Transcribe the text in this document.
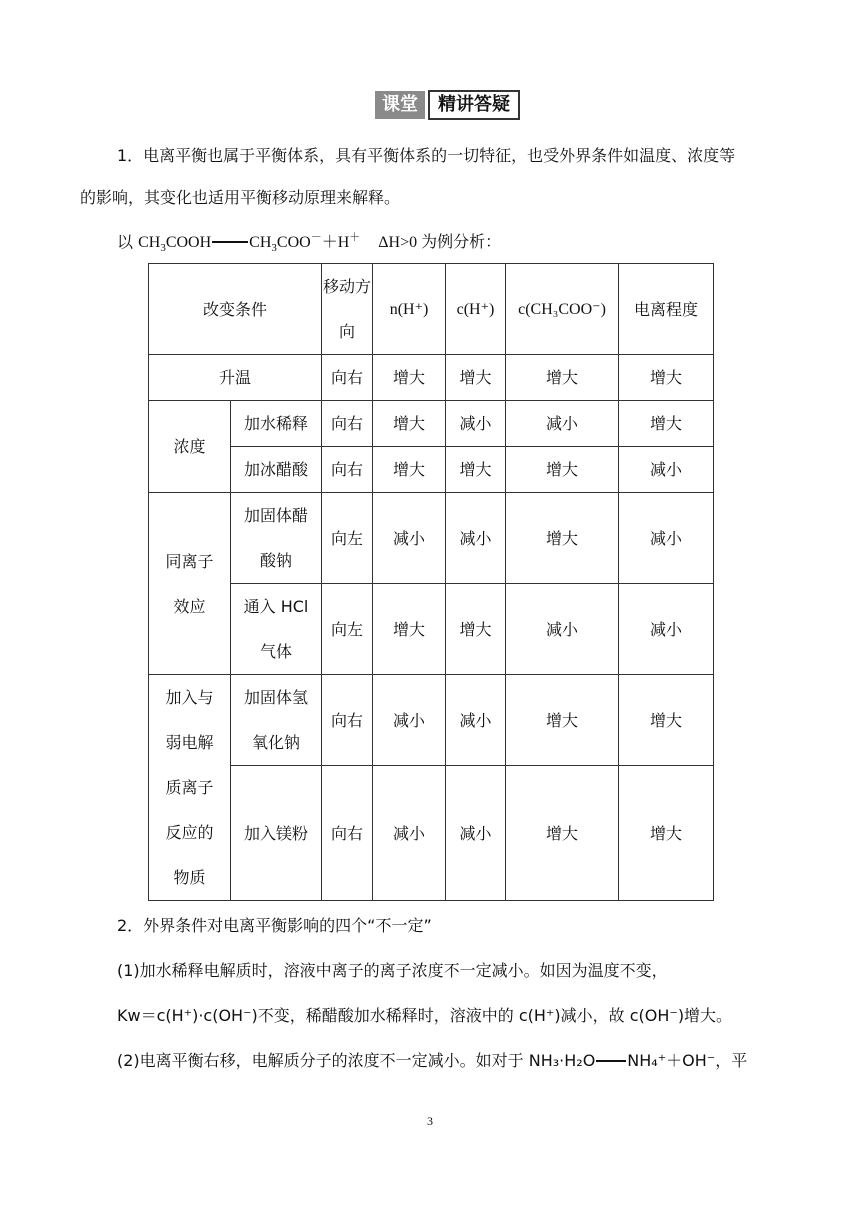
课堂	精讲答疑
1．电离平衡也属于平衡体系，具有平衡体系的一切特征，也受外界条件如温度、浓度等
的影响，其变化也适用平衡移动原理来解释。
以 $CH_3COOH$ $CH_3COO^-+H^+$ ΔH>0 为例分析：
改变条件		移动方向	n(H⁺)	c(H⁺)	c(CH₃COO⁻)	电离程度
升温		向右	增大	增大	增大	增大
浓度	加水稀释	向右	增大	减小	减小	增大
	加冰醋酸	向右	增大	增大	增大	减小
同离子效应	加固体醋酸钠	向左	减小	减小	增大	减小
	通入 HCl 气体	向左	增大	增大	减小	减小
加入与弱电解质离子反应的物质	加固体氢氧化钠	向右	减小	减小	增大	增大
	加入镁粉	向右	减小	减小	增大	增大
2．外界条件对电离平衡影响的四个“不一定”
(1)加水稀释电解质时，溶液中离子的离子浓度不一定减小。如因为温度不变，
Kw＝c(H⁺)·c(OH⁻)不变，稀醋酸加水稀释时，溶液中的 c(H⁺)减小，故 c(OH⁻)增大。
(2)电离平衡右移，电解质分子的浓度不一定减小。如对于 NH₃·H₂O NH₄⁺＋OH⁻，平
3
